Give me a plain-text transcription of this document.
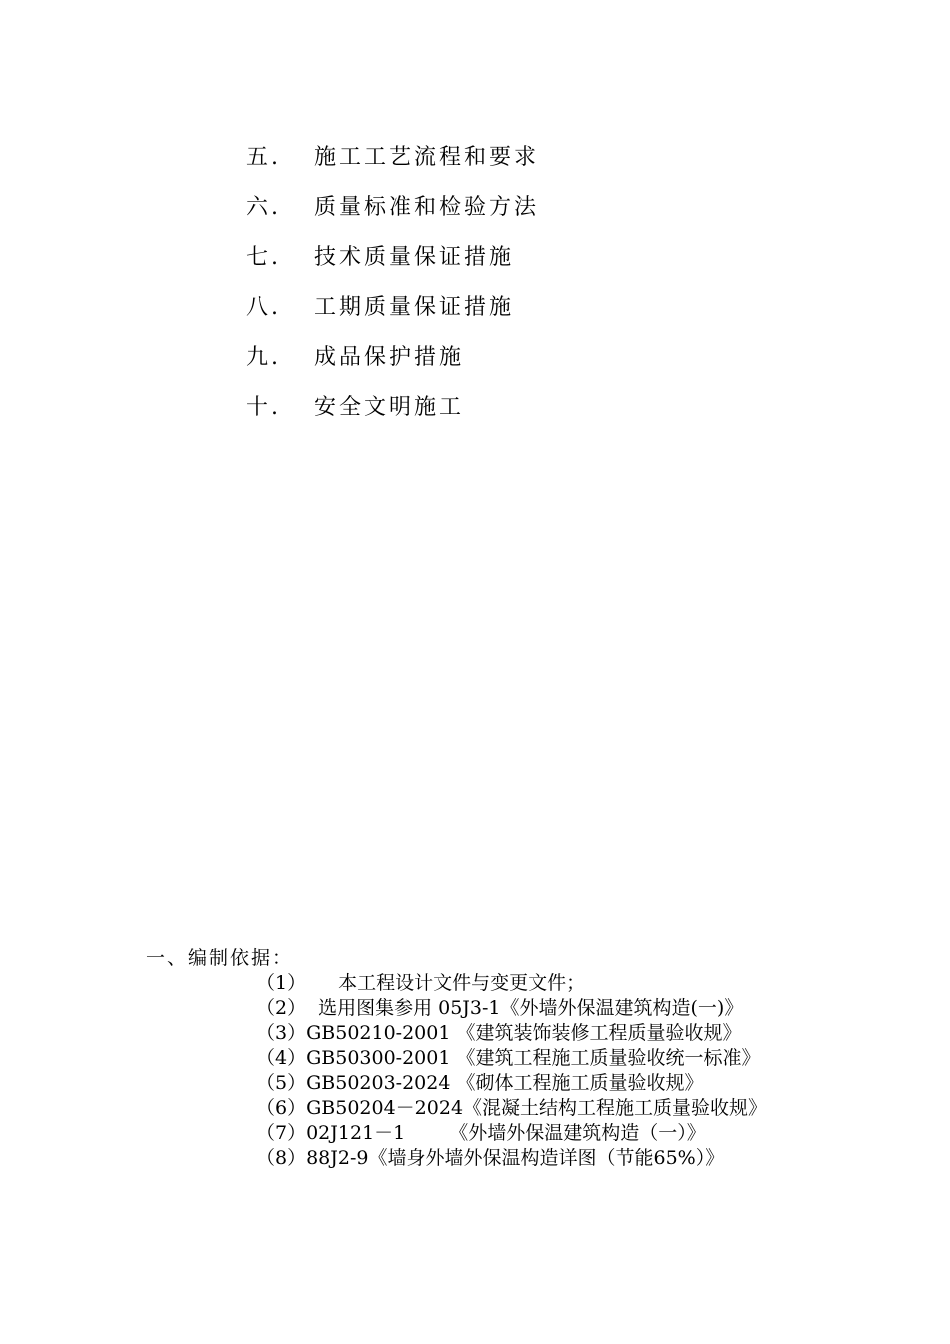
五.	施工工艺流程和要求
六.	质量标准和检验方法
七.	技术质量保证措施
八.	工期质量保证措施
九.	成品保护措施
十.	安全文明施工
一、编制依据：
（1） 本工程设计文件与变更文件；
（2） 选用图集参用 05J3-1《外墙外保温建筑构造(一)》
（3）GB50210-2001 《建筑装饰装修工程质量验收规》
（4）GB50300-2001 《建筑工程施工质量验收统一标准》
（5）GB50203-2024 《砌体工程施工质量验收规》
（6）GB50204－2024《混凝土结构工程施工质量验收规》
（7）02J121－1 《外墙外保温建筑构造（一）》
（8）88J2-9《墙身外墙外保温构造详图（节能65%）》
